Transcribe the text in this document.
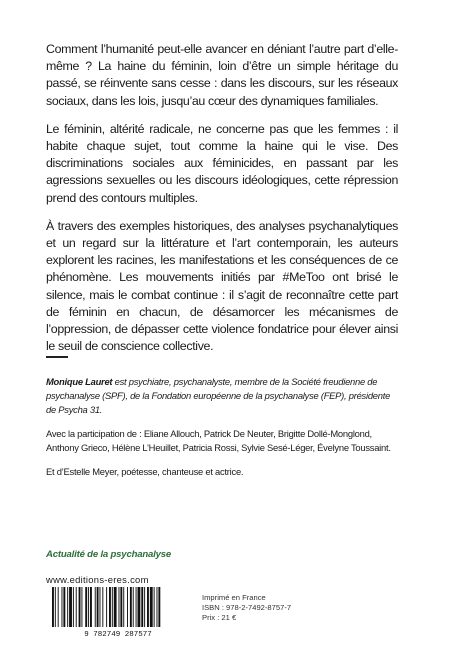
Comment l’humanité peut-elle avancer en déniant l’autre part d’elle-même ? La haine du féminin, loin d’être un simple héritage du passé, se réinvente sans cesse : dans les discours, sur les réseaux sociaux, dans les lois, jusqu’au cœur des dynamiques familiales.

Le féminin, altérité radicale, ne concerne pas que les femmes : il habite chaque sujet, tout comme la haine qui le vise. Des discriminations sociales aux féminicides, en passant par les agressions sexuelles ou les discours idéologiques, cette répression prend des contours multiples.

À travers des exemples historiques, des analyses psychanalytiques et un regard sur la littérature et l’art contemporain, les auteurs explorent les racines, les manifestations et les conséquences de ce phénomène. Les mouvements initiés par #MeToo ont brisé le silence, mais le combat continue : il s’agit de reconnaître cette part de féminin en chacun, de désamorcer les mécanismes de l’oppression, de dépasser cette violence fondatrice pour élever ainsi le seuil de conscience collective.

Monique Lauret est psychiatre, psychanalyste, membre de la Société freudienne de psychanalyse (SPF), de la Fondation européenne de la psychanalyse (FEP), présidente de Psycha 31.

Avec la participation de : Eliane Allouch, Patrick De Neuter, Brigitte Dollé-Monglond, Anthony Grieco, Hélène L’Heuillet, Patricia Rossi, Sylvie Sesé-Léger, Évelyne Toussaint.

Et d’Estelle Meyer, poétesse, chanteuse et actrice.

Actualité de la psychanalyse
www.editions-eres.com
9 782749 287577
Imprimé en France
ISBN : 978-2-7492-8757-7
Prix : 21 €
